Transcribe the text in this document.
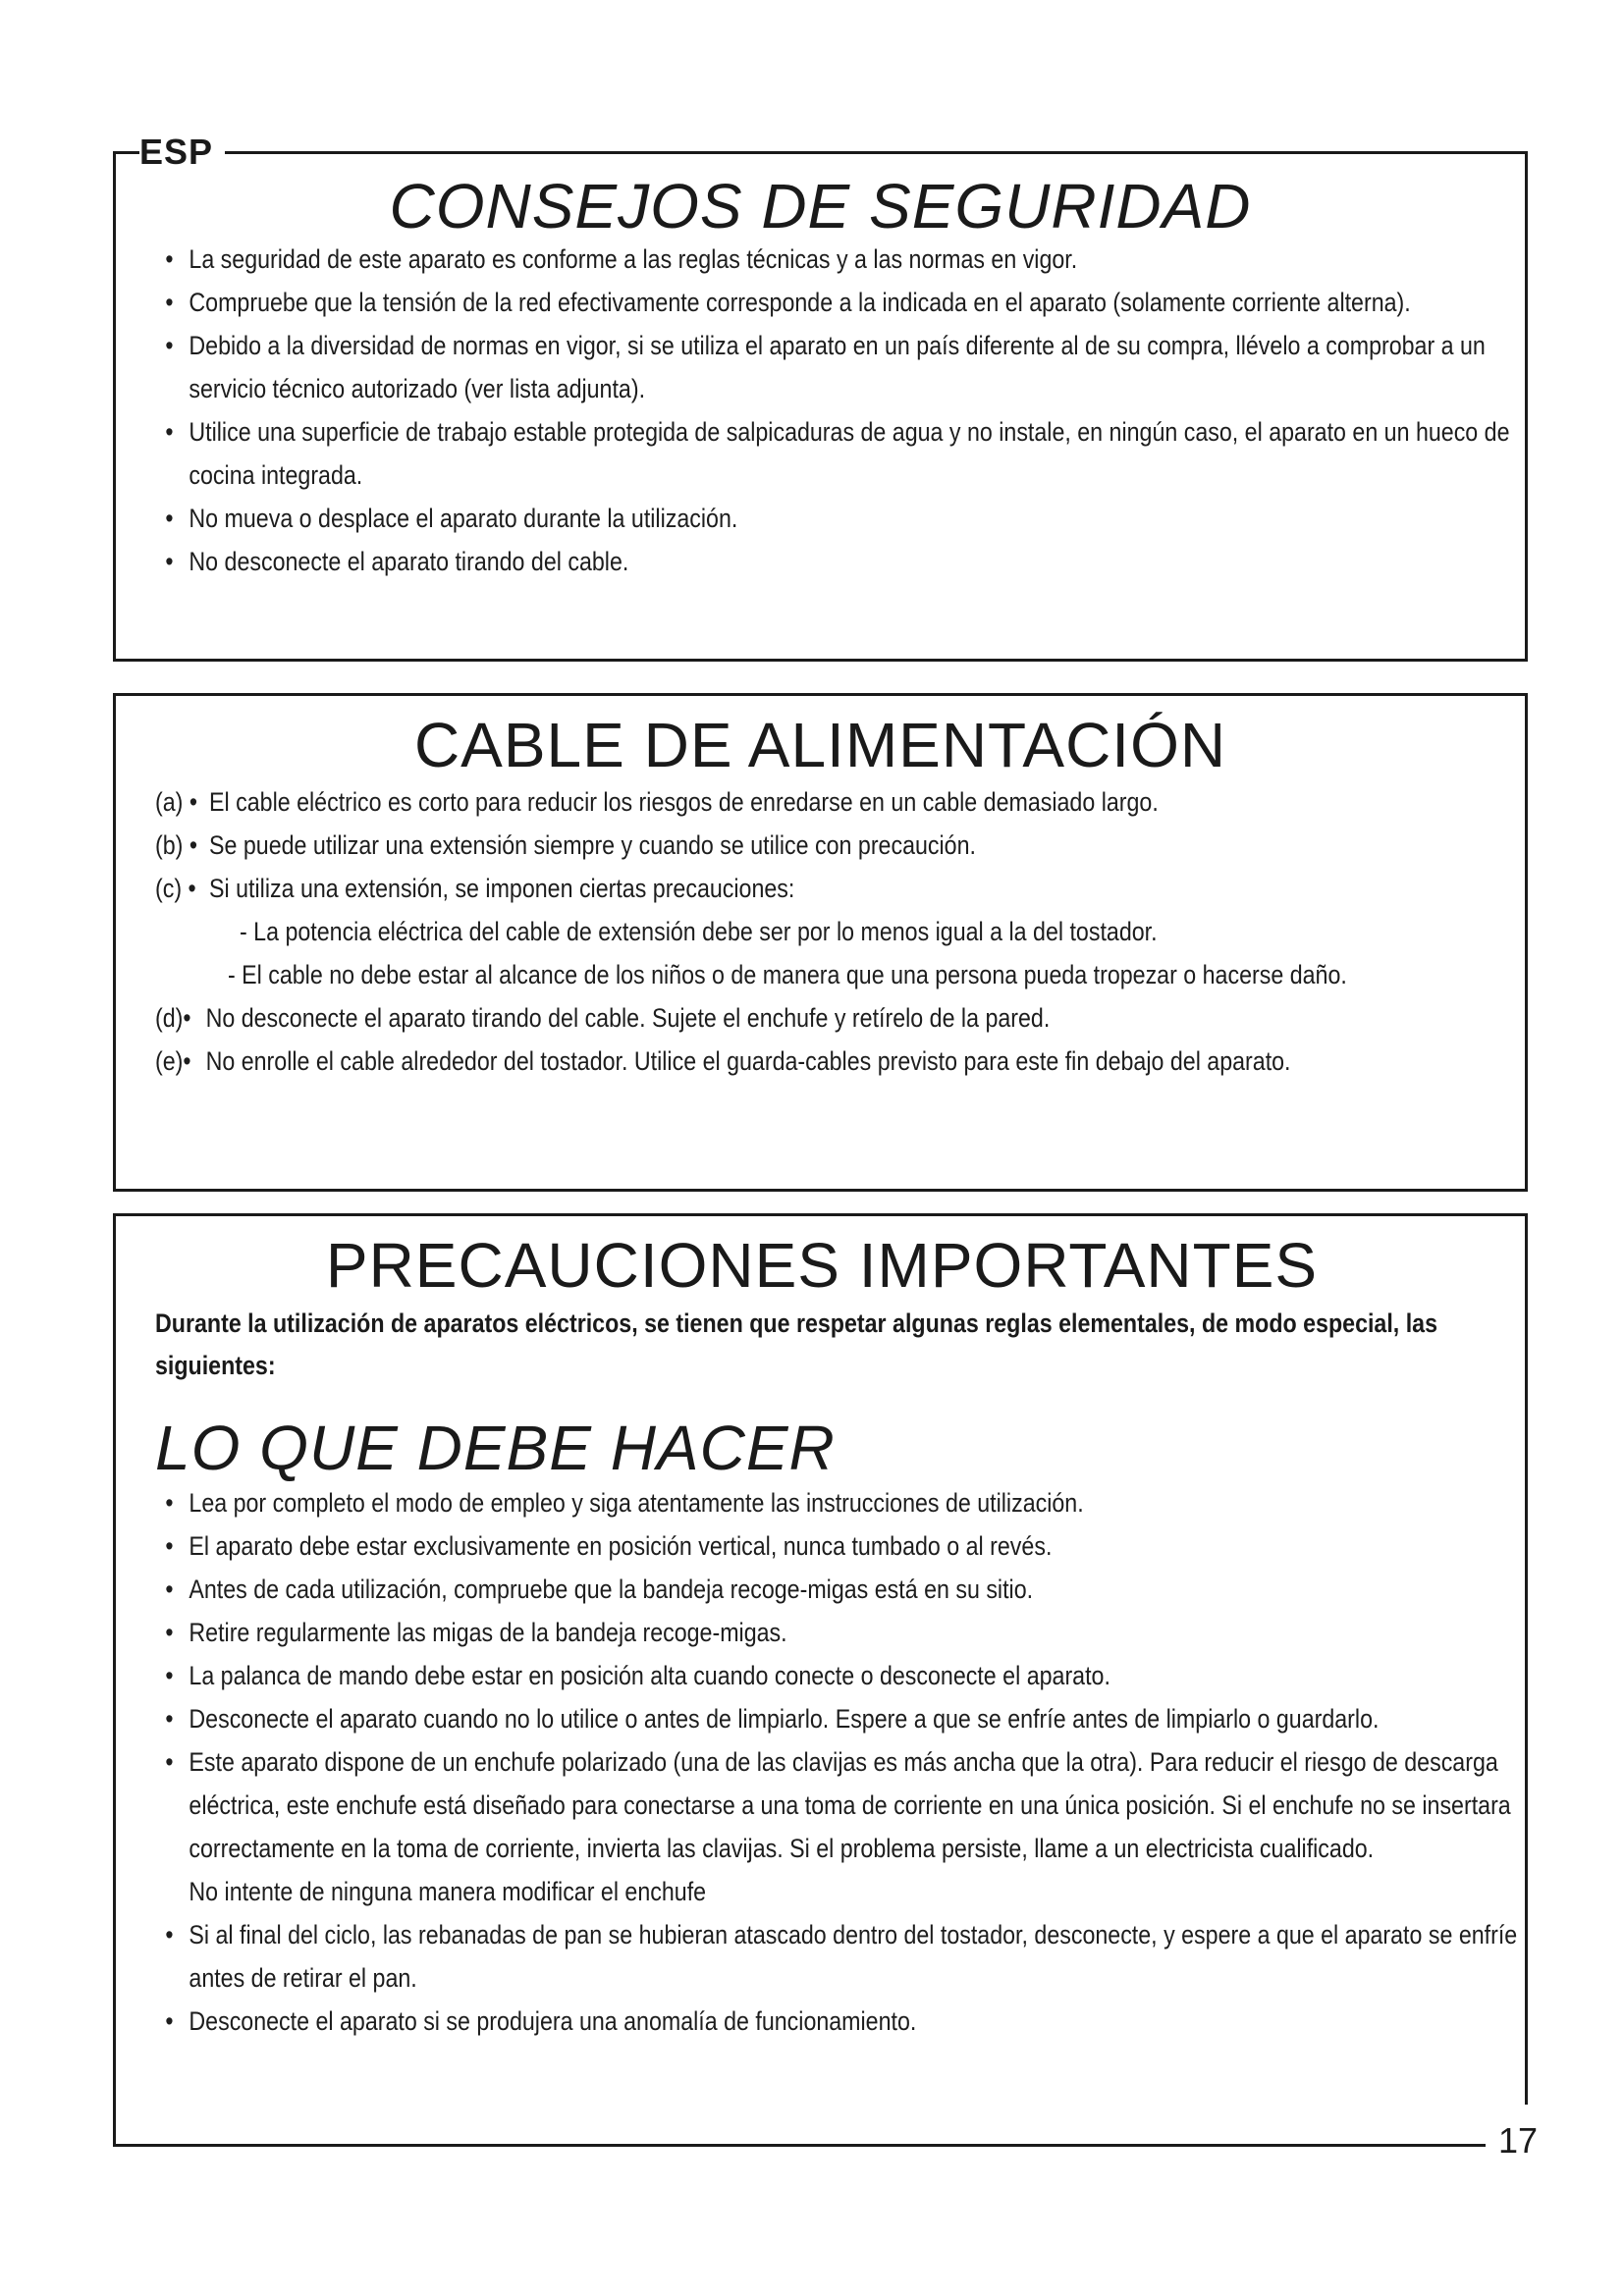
CONSEJOS DE SEGURIDAD
• La seguridad de este aparato es conforme a las reglas técnicas y a las normas en vigor.
• Compruebe que la tensión de la red efectivamente corresponde a la indicada en el aparato (solamente corriente alterna).
• Debido a la diversidad de normas en vigor, si se utiliza el aparato en un país diferente al de su compra, llévelo a comprobar a un servicio técnico autorizado (ver lista adjunta).
• Utilice una superficie de trabajo estable protegida de salpicaduras de agua y no instale, en ningún caso, el aparato en un hueco de cocina integrada.
• No mueva o desplace el aparato durante la utilización.
• No desconecte el aparato tirando del cable.
ESP
CABLE DE ALIMENTACIÓN
(a) • El cable eléctrico es corto para reducir los riesgos de enredarse en un cable demasiado largo.
(b) • Se puede utilizar una extensión siempre y cuando se utilice con precaución.
(c) • Si utiliza una extensión, se imponen ciertas precauciones:
- La potencia eléctrica del cable de extensión debe ser por lo menos igual a la del tostador.
- El cable no debe estar al alcance de los niños o de manera que una persona pueda tropezar o hacerse daño.
(d)• No desconecte el aparato tirando del cable. Sujete el enchufe y retírelo de la pared.
(e)• No enrolle el cable alrededor del tostador. Utilice el guarda-cables previsto para este fin debajo del aparato.
PRECAUCIONES IMPORTANTES

Durante la utilización de aparatos eléctricos, se tienen que respetar algunas reglas elementales, de modo especial, las siguientes:

LO QUE DEBE HACER
• Lea por completo el modo de empleo y siga atentamente las instrucciones de utilización.
• El aparato debe estar exclusivamente en posición vertical, nunca tumbado o al revés.
• Antes de cada utilización, compruebe que la bandeja recoge-migas está en su sitio.
• Retire regularmente las migas de la bandeja recoge-migas.
• La palanca de mando debe estar en posición alta cuando conecte o desconecte el aparato.
• Desconecte el aparato cuando no lo utilice o antes de limpiarlo. Espere a que se enfríe antes de limpiarlo o guardarlo.
• Este aparato dispone de un enchufe polarizado (una de las clavijas es más ancha que la otra). Para reducir el riesgo de descarga eléctrica, este enchufe está diseñado para conectarse a una toma de corriente en una única posición. Si el enchufe no se insertara correctamente en la toma de corriente, invierta las clavijas. Si el problema persiste, llame a un electricista cualificado.
No intente de ninguna manera modificar el enchufe
• Si al final del ciclo, las rebanadas de pan se hubieran atascado dentro del tostador, desconecte, y espere a que el aparato se enfríe antes de retirar el pan.
• Desconecte el aparato si se produjera una anomalía de funcionamiento.
17
